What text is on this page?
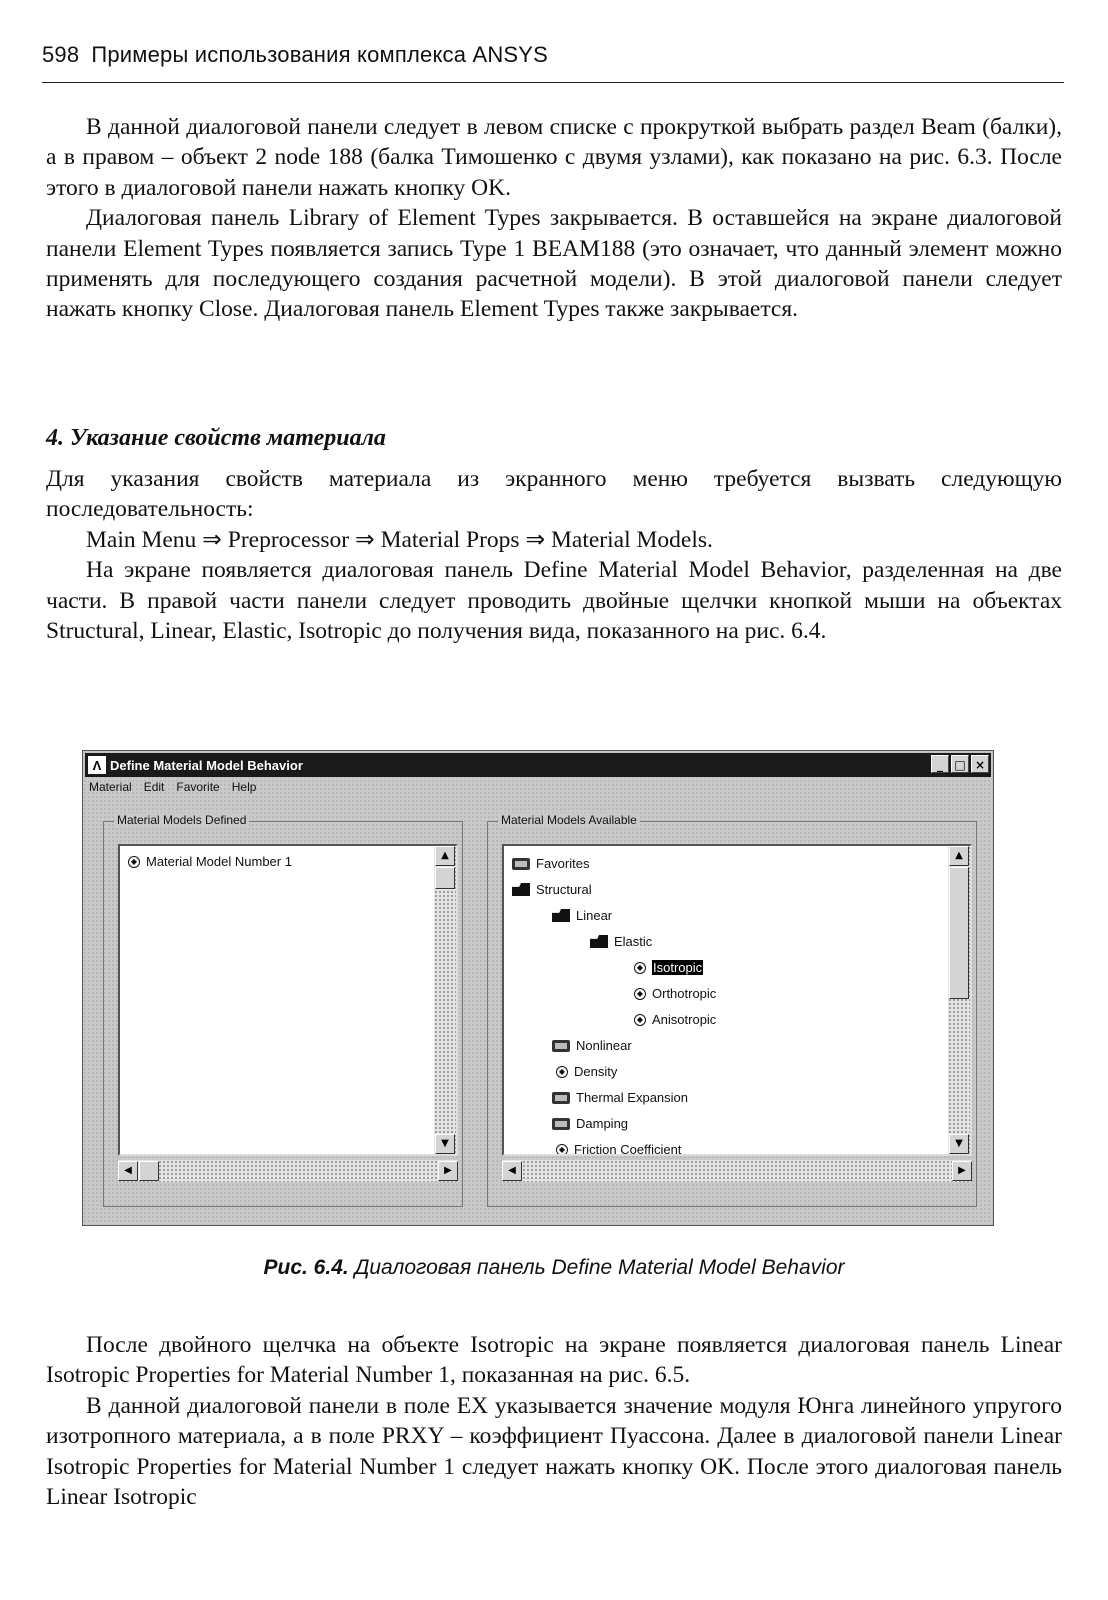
598 Примеры использования комплекса ANSYS

В данной диалоговой панели следует в левом списке с прокруткой выбрать раздел Beam (балки), а в правом – объект 2 node 188 (балка Тимошенко с двумя узлами), как показано на рис. 6.3. После этого в диалоговой панели нажать кнопку OK.

Диалоговая панель Library of Element Types закрывается. В оставшейся на экране диалоговой панели Element Types появляется запись Type 1 BEAM188 (это означает, что данный элемент можно применять для последующего создания расчетной модели). В этой диалоговой панели следует нажать кнопку Close. Диалоговая панель Element Types также закрывается.

4. Указание свойств материала

Для указания свойств материала из экранного меню требуется вызвать следующую последовательность:

Main Menu ⇒ Preprocessor ⇒ Material Props ⇒ Material Models.

На экране появляется диалоговая панель Define Material Model Behavior, разделенная на две части. В правой части панели следует проводить двойные щелчки кнопкой мыши на объектах Structural, Linear, Elastic, Isotropic до получения вида, показанного на рис. 6.4.

Λ Define Material Model Behavior	_ □ ×
Material Edit Favorite Help
Material Models Defined
◆ Material Model Number 1	▲
▼
◀	▶
Material Models Available
Favorites
Structural
Linear
Elastic
◆ Isotropic
◆ Orthotropic
◆ Anisotropic
Nonlinear
◆ Density
Thermal Expansion
Damping
◆ Friction Coefficient
▲
▼
◀	▶
Рис. 6.4. Диалоговая панель Define Material Model Behavior

После двойного щелчка на объекте Isotropic на экране появляется диалоговая панель Linear Isotropic Properties for Material Number 1, показанная на рис. 6.5.

В данной диалоговой панели в поле EX указывается значение модуля Юнга линейного упругого изотропного материала, а в поле PRXY – коэффициент Пуассона. Далее в диалоговой панели Linear Isotropic Properties for Material Number 1 следует нажать кнопку OK. После этого диалоговая панель Linear Isotropic
